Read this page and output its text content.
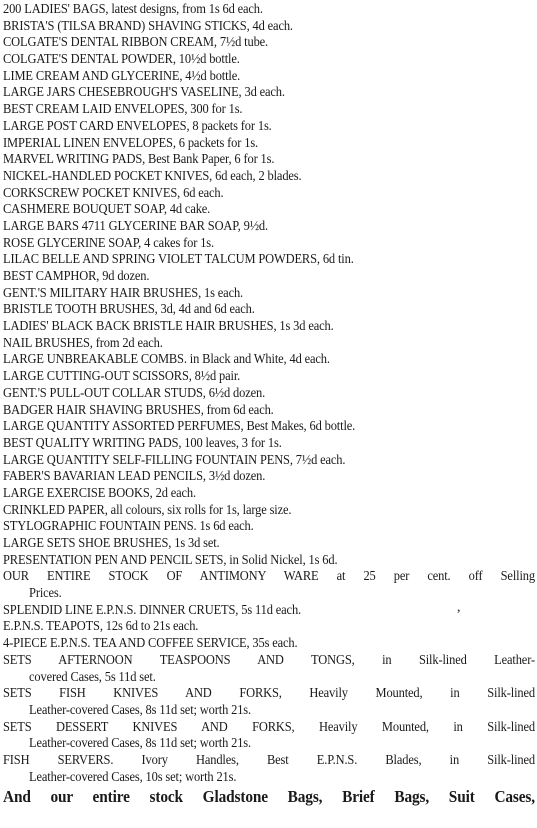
200 LADIES' BAGS, latest designs, from 1s 6d each.
BRISTA'S (TILSA BRAND) SHAVING STICKS, 4d each.
COLGATE'S DENTAL RIBBON CREAM, 7½d tube.
COLGATE'S DENTAL POWDER, 10½d bottle.
LIME CREAM AND GLYCERINE, 4½d bottle.
LARGE JARS CHESEBROUGH'S VASELINE, 3d each.
BEST CREAM LAID ENVELOPES, 300 for 1s.
LARGE POST CARD ENVELOPES, 8 packets for 1s.
IMPERIAL LINEN ENVELOPES, 6 packets for 1s.
MARVEL WRITING PADS, Best Bank Paper, 6 for 1s.
NICKEL-HANDLED POCKET KNIVES, 6d each, 2 blades.
CORKSCREW POCKET KNIVES, 6d each.
CASHMERE BOUQUET SOAP, 4d cake.
LARGE BARS 4711 GLYCERINE BAR SOAP, 9½d.
ROSE GLYCERINE SOAP, 4 cakes for 1s.
LILAC BELLE AND SPRING VIOLET TALCUM POWDERS, 6d tin.
BEST CAMPHOR, 9d dozen.
GENT.'S MILITARY HAIR BRUSHES, 1s each.
BRISTLE TOOTH BRUSHES, 3d, 4d and 6d each.
LADIES' BLACK BACK BRISTLE HAIR BRUSHES, 1s 3d each.
NAIL BRUSHES, from 2d each.
LARGE UNBREAKABLE COMBS. in Black and White, 4d each.
LARGE CUTTING-OUT SCISSORS, 8½d pair.
GENT.'S PULL-OUT COLLAR STUDS, 6½d dozen.
BADGER HAIR SHAVING BRUSHES, from 6d each.
LARGE QUANTITY ASSORTED PERFUMES, Best Makes, 6d bottle.
BEST QUALITY WRITING PADS, 100 leaves, 3 for 1s.
LARGE QUANTITY SELF-FILLING FOUNTAIN PENS, 7½d each.
FABER'S BAVARIAN LEAD PENCILS, 3½d dozen.
LARGE EXERCISE BOOKS, 2d each.
CRINKLED PAPER, all colours, six rolls for 1s, large size.
STYLOGRAPHIC FOUNTAIN PENS. 1s 6d each.
LARGE SETS SHOE BRUSHES, 1s 3d set.
PRESENTATION PEN AND PENCIL SETS, in Solid Nickel, 1s 6d.
OUR ENTIRE STOCK OF ANTIMONY WARE at 25 per cent. off Selling
Prices.
SPLENDID LINE E.P.N.S. DINNER CRUETS, 5s 11d each.
E.P.N.S. TEAPOTS, 12s 6d to 21s each.
4-PIECE E.P.N.S. TEA AND COFFEE SERVICE, 35s each.
SETS AFTERNOON TEASPOONS AND TONGS, in Silk-lined Leather-
covered Cases, 5s 11d set.
SETS FISH KNIVES AND FORKS, Heavily Mounted, in Silk-lined
Leather-covered Cases, 8s 11d set; worth 21s.
SETS DESSERT KNIVES AND FORKS, Heavily Mounted, in Silk-lined
Leather-covered Cases, 8s 11d set; worth 21s.
FISH SERVERS. Ivory Handles, Best E.P.N.S. Blades, in Silk-lined
Leather-covered Cases, 10s set; worth 21s.
And our entire stock Gladstone Bags, Brief Bags, Suit Cases,
,
